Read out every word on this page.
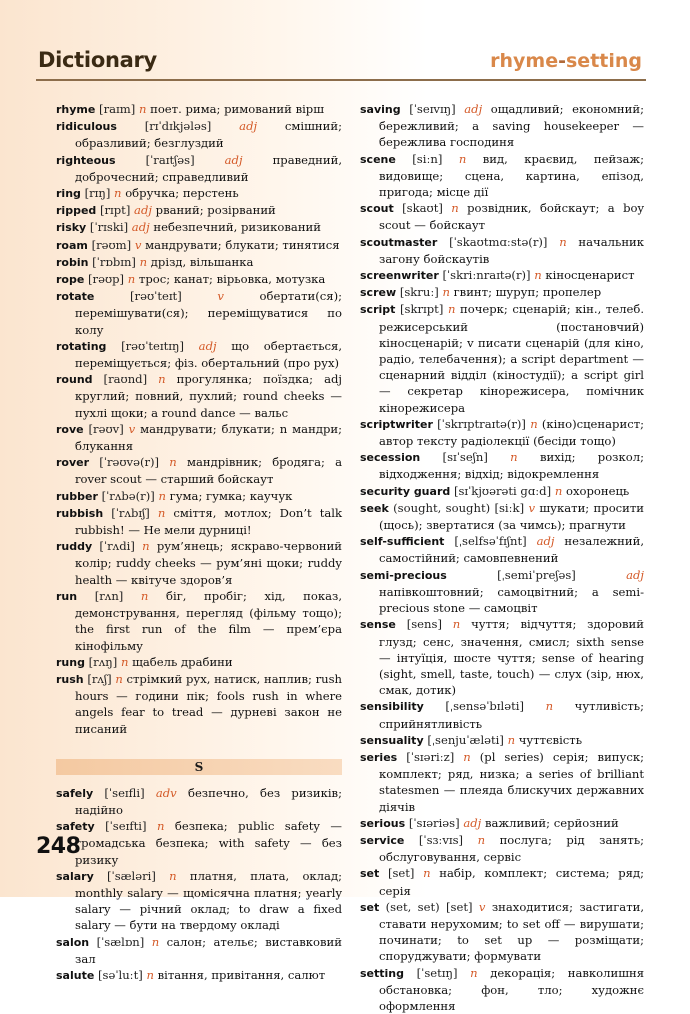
Dictionary	rhyme-setting

rhyme [raɪm] n поет. рима; римований вірш

ridiculous [rɪˈdɪkjələs] adj смішний; образливий; безглуздий

righteous	[ˈraɪtʃəs]	adj	праведний, доброчесний; справедливий

ring [rɪŋ] n обручка; перстень

ripped [rɪpt] adj рваний; розірваний

risky [ˈrɪski] adj небезпечний, ризикований

roam [rəʊm] v мандрувати; блукати; тинятися

robin [ˈrɒbɪn] n дрізд, вільшанка

rope [rəʊp] n трос; канат; вірьовка, мотузка

rotate	[rəʊˈteɪt]	v	обертати(ся); перемішувати(ся); переміщуватися по колу

rotating [rəʊˈteɪtɪŋ] adj що обертається, переміщується; фіз. обертальний (про рух)

round [raʊnd] n прогулянка; поїздка; adj круглий; повний, пухлий; round cheeks — пухлі щоки; a round dance — вальс

rove [rəʊv] v мандрувати; блукати; n мандри; блукання

rover [ˈrəʊvə(r)] n мандрівник; бродяга; a rover scout — старший бойскаут

rubber [ˈrʌbə(r)] n гума; гумка; каучук

rubbish [ˈrʌbɪʃ] n сміття, мотлох; Don’t talk rubbish! — Не мели дурниці!

ruddy [ˈrʌdi] n рум’янець; яскраво-червоний колір; ruddy cheeks — рум’яні щоки; ruddy health — квітуче здоров’я

run [rʌn] n біг, пробіг; хід, показ, демонстрування, перегляд (фільму тощо); the first run of the film — прем’єра кінофільму

rung [rʌŋ] n щабель драбини

rush [rʌʃ] n стрімкий рух, натиск, наплив; rush hours — години пік; fools rush in where angels fear to tread — дурневі закон не писаний

S

safely [ˈseɪfli] adv безпечно, без ризиків; надійно

safety [ˈseɪfti] n безпека; public safety — громадська безпека; with safety — без ризику

salary [ˈsæləri] n платня, плата, оклад; monthly salary — щомісячна платня; yearly salary — річний оклад; to draw a fixed salary — бути на твердому окладі

salon [ˈsælɒn] n салон; ательє; виставковий зал

salute [səˈluːt] n вітання, привітання, салют

saving [ˈseɪvɪŋ] adj ощадливий; економний; бережливий; a saving housekeeper — бережлива господиня

scene [siːn] n вид, краєвид, пейзаж; видовище; сцена, картина, епізод, пригода; місце дії

scout [skaʊt] n розвідник, бойскаут; a boy scout — бойскаут

scoutmaster [ˈskaʊtmɑːstə(r)] n начальник загону бойскаутів

screenwriter [ˈskriːnraɪtə(r)] n кіносценарист

screw [skruː] n гвинт; шуруп; пропелер

script [skrɪpt] n почерк; сценарій; кін., телеб. режисерський (постановчий) кіносценарій; v писати сценарій (для кіно, радіо, телебачення); a script department — сценарний відділ (кіностудії); a script girl — секретар кінорежисера, помічник кінорежисера

scriptwriter [ˈskrɪptraɪtə(r)] n (кіно)сценарист; автор тексту радіолекції (бесіди тощо)

secession [sɪˈseʃn] n вихід; розкол; відходження; відхід; відокремлення

security guard [sɪˈkjʊərəti ɡɑːd] n охоронець

seek (sought, sought) [siːk] v шукати; просити (щось); звертатися (за чимсь); прагнути

self-sufficient [ˌselfsəˈfɪʃnt] adj незалежний, самостійний; самовпевнений

semi-precious	[ˌsemiˈpreʃəs]	adj напівкоштовний; самоцвітний; a semi-precious stone — самоцвіт

sense [sens] n чуття; відчуття; здоровий глузд; сенс, значення, смисл; sixth sense — інтуїція, шосте чуття; sense of hearing (sight, smell, taste, touch) — слух (зір, нюх, смак, дотик)

sensibility [ˌsensəˈbɪləti] n чутливість; сприйнятливість

sensuality [ˌsenjuˈæləti] n чуттєвість

series [ˈsɪəriːz] n (pl series) серія; випуск; комплект; ряд, низка; a series of brilliant statesmen — плеяда блискучих державних діячів

serious [ˈsɪəriəs] adj важливий; серйозний

service [ˈsɜːvɪs] n послуга; рід занять; обслуговування, сервіс

set [set] n набір, комплект; система; ряд; серія

set (set, set) [set] v знаходитися; застигати, ставати нерухомим; to set off — вирушати; починати; to set up — розміщати; споруджувати; формувати

setting [ˈsetɪŋ] n декорація; навколишня обстановка; фон, тло; художнє оформлення

248
